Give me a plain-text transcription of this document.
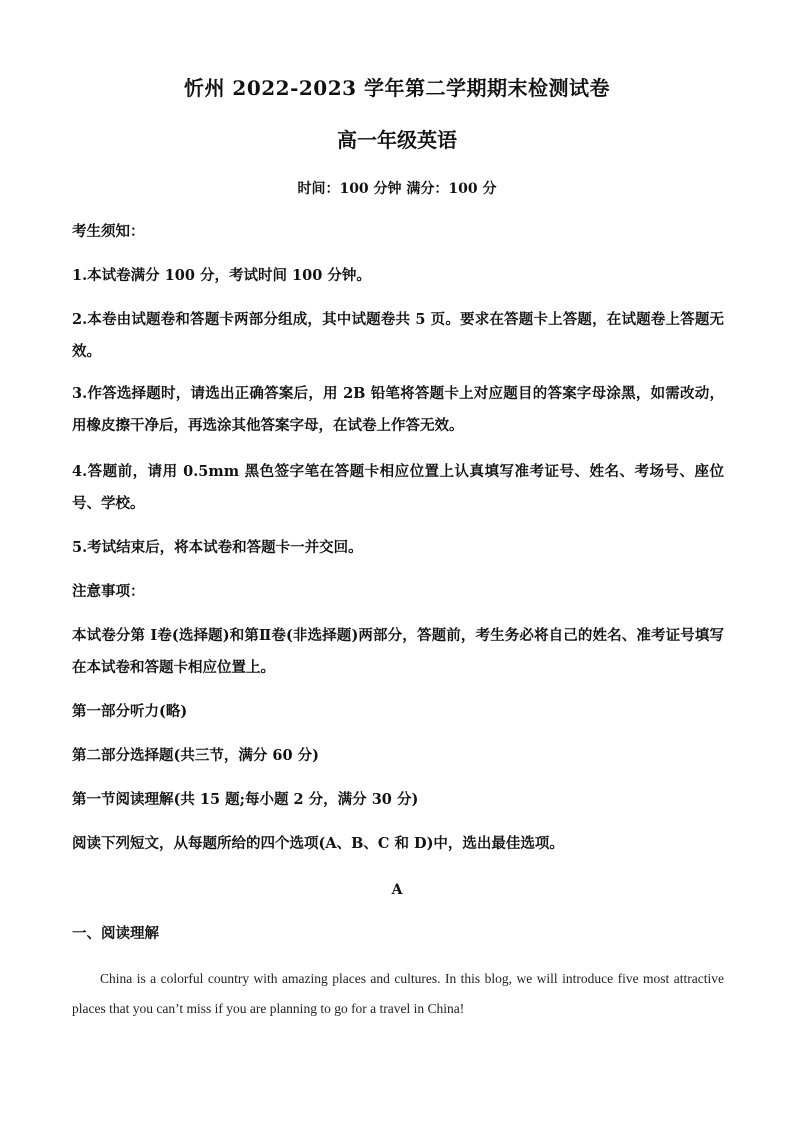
忻州 2022-2023 学年第二学期期末检测试卷
高一年级英语
时间：100 分钟 满分：100 分
考生须知：
1.本试卷满分 100 分，考试时间 100 分钟。
2.本卷由试题卷和答题卡两部分组成，其中试题卷共 5 页。要求在答题卡上答题，在试题卷上答题无效。
3.作答选择题时，请选出正确答案后，用 2B 铅笔将答题卡上对应题目的答案字母涂黑，如需改动，用橡皮擦干净后，再选涂其他答案字母，在试卷上作答无效。
4.答题前，请用 0.5mm 黑色签字笔在答题卡相应位置上认真填写准考证号、姓名、考场号、座位号、学校。
5.考试结束后，将本试卷和答题卡一并交回。
注意事项：
本试卷分第 Ⅰ卷(选择题)和第Ⅱ卷(非选择题)两部分，答题前，考生务必将自己的姓名、准考证号填写在本试卷和答题卡相应位置上。
第一部分听力(略)
第二部分选择题(共三节，满分 60 分)
第一节阅读理解(共 15 题;每小题 2 分，满分 30 分)
阅读下列短文，从每题所给的四个选项(A、B、C 和 D)中，选出最佳选项。
A
一、阅读理解
China is a colorful country with amazing places and cultures. In this blog, we will introduce five most attractive places that you can’t miss if you are planning to go for a travel in China!
